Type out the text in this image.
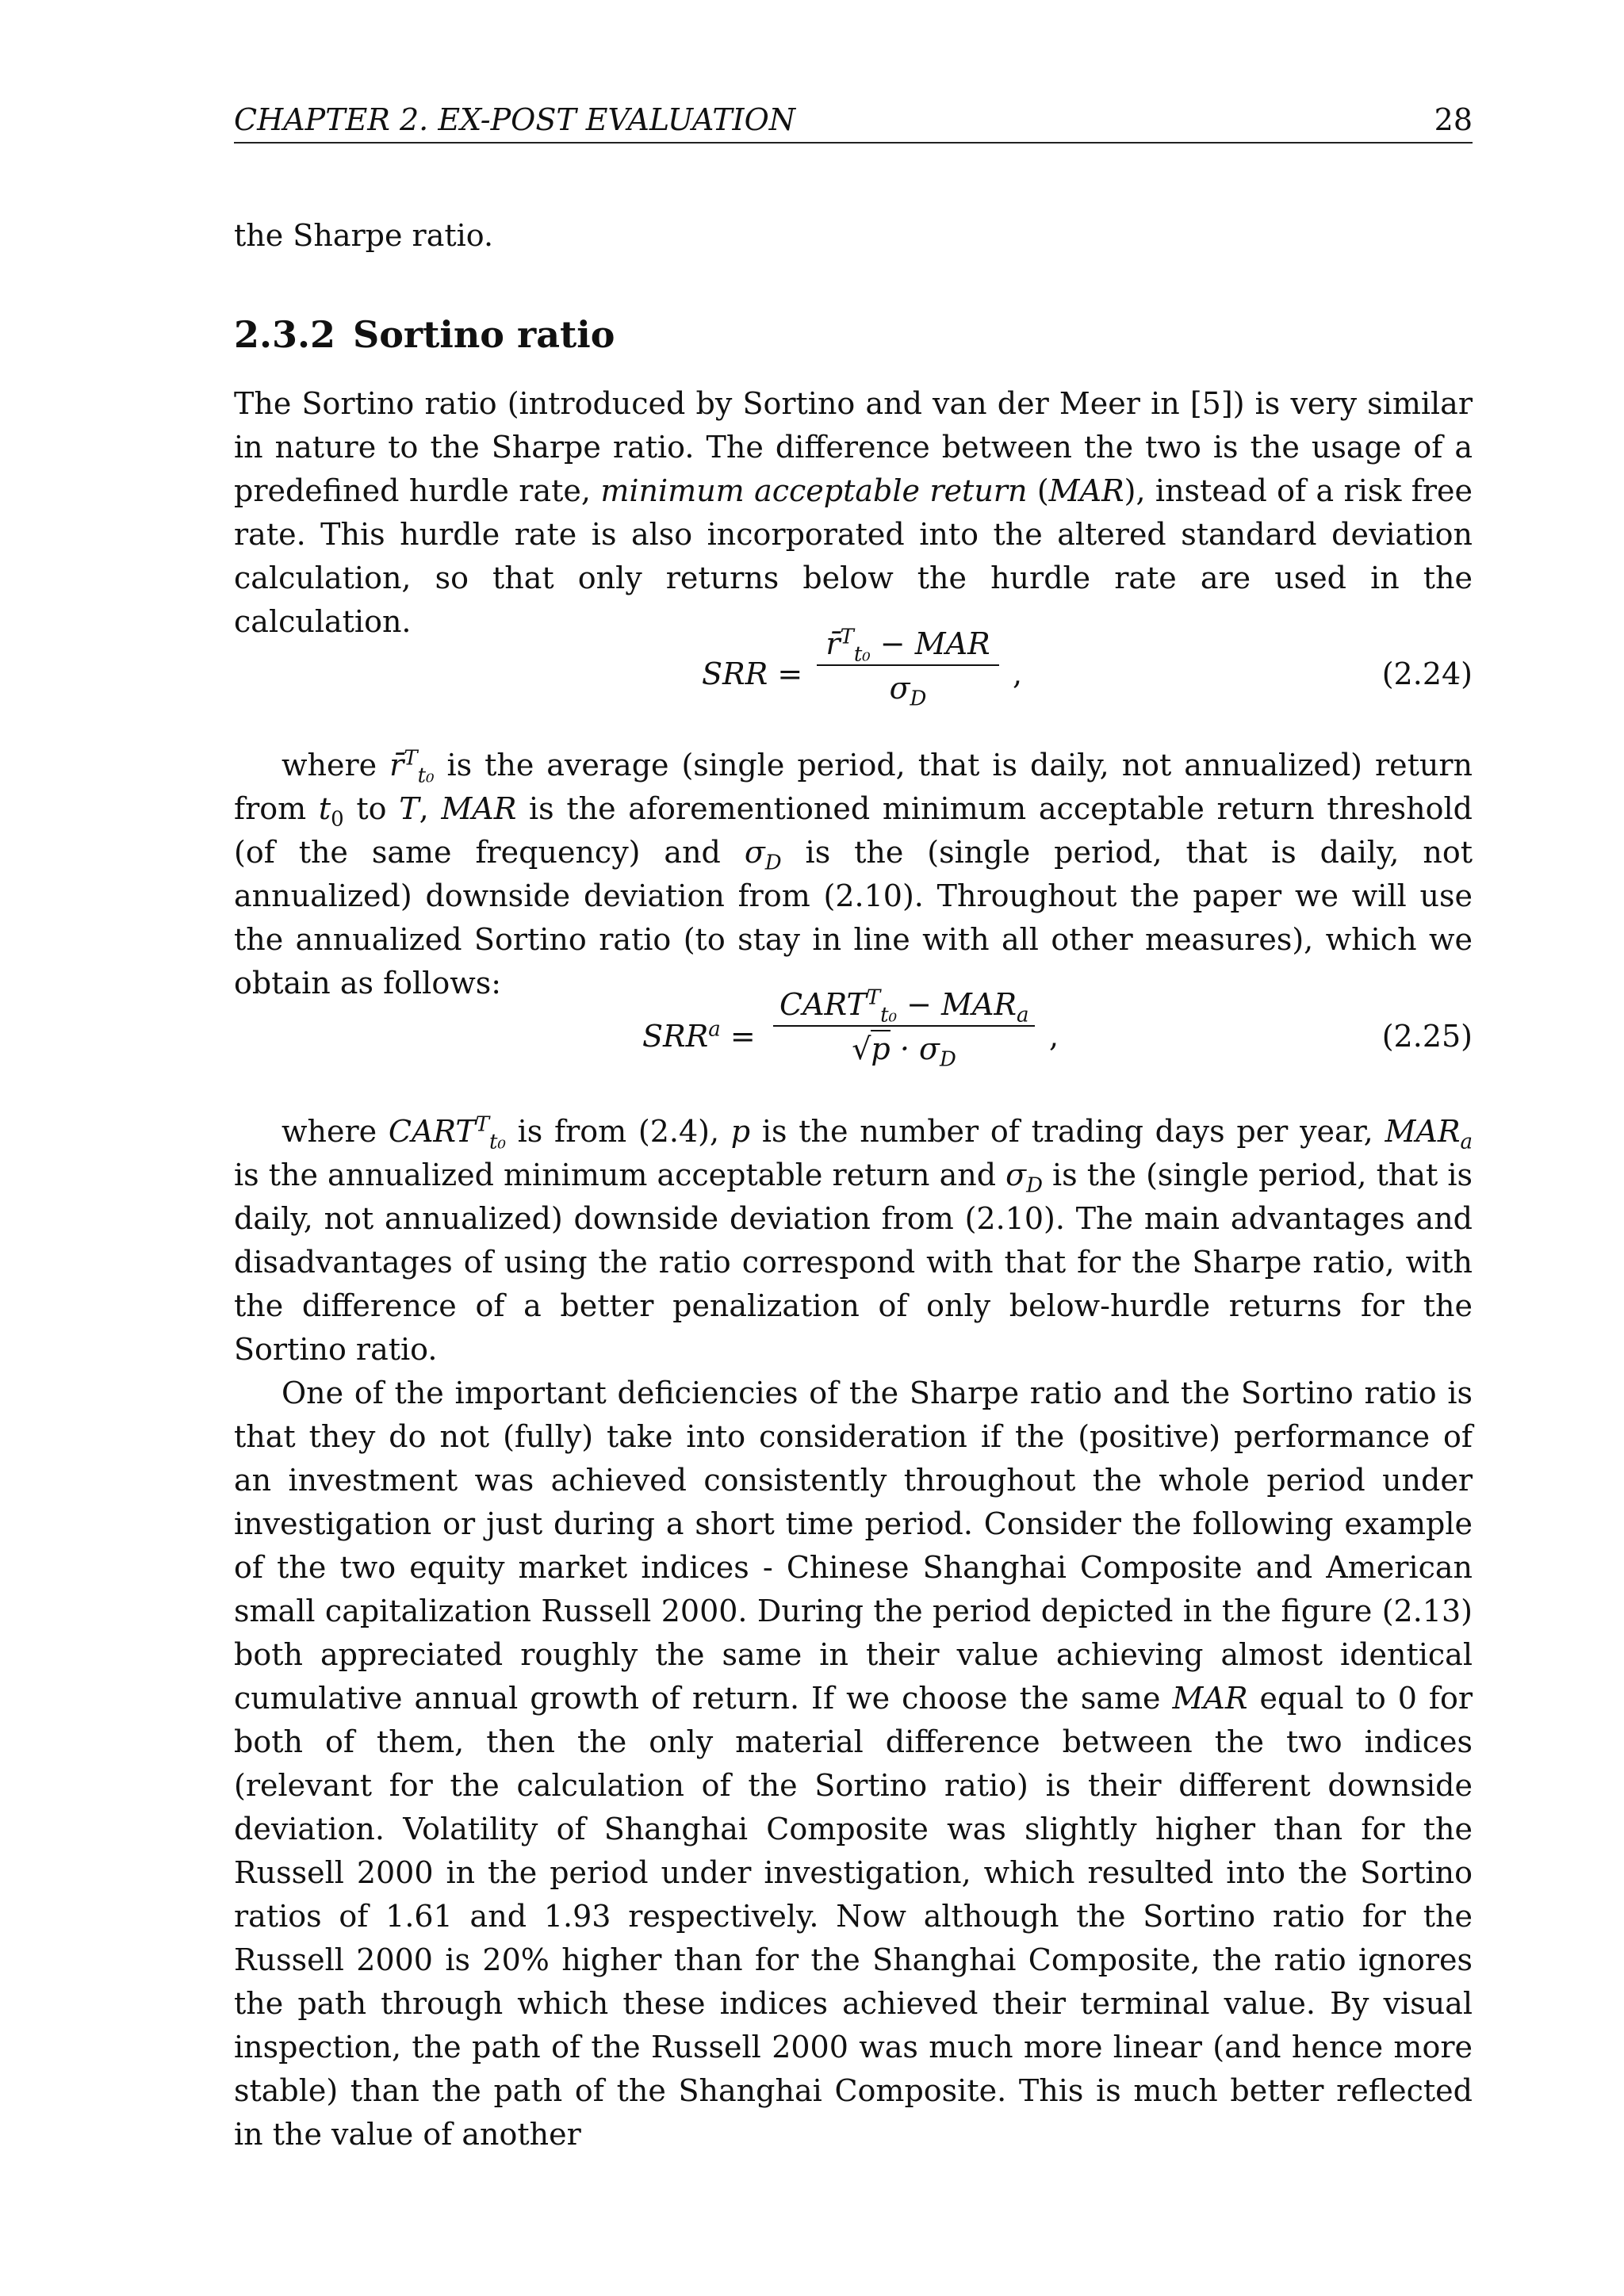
CHAPTER 2. EX-POST EVALUATION	28

the Sharpe ratio.

2.3.2 Sortino ratio

The Sortino ratio (introduced by Sortino and van der Meer in [5]) is very similar in nature to the Sharpe ratio. The difference between the two is the usage of a predefined hurdle rate, minimum acceptable return (MAR), instead of a risk free rate. This hurdle rate is also incorporated into the altered standard deviation calculation, so that only returns below the hurdle rate are used in the calculation.

SRR =
r̄$^T_{t_0}$ − MAR
$\sigma_D$
,	(2.24)

where r̄$^T_{t_0}$ is the average (single period, that is daily, not annualized) return from $t_0$ to T, MAR is the aforementioned minimum acceptable return threshold (of the same frequency) and $\sigma_D$ is the (single period, that is daily, not annualized) downside deviation from (2.10). Throughout the paper we will use the annualized Sortino ratio (to stay in line with all other measures), which we obtain as follows:

$SRR^a$ =
$CART^T_{t_0} - MAR_a$
$√p \cdot \sigma_D$
,	(2.25)

where $CART^T_{t_0}$ is from (2.4), p is the number of trading days per year, $MAR_a$ is the annualized minimum acceptable return and $\sigma_D$ is the (single period, that is daily, not annualized) downside deviation from (2.10). The main advantages and disadvantages of using the ratio correspond with that for the Sharpe ratio, with the difference of a better penalization of only below-hurdle returns for the Sortino ratio.

One of the important deficiencies of the Sharpe ratio and the Sortino ratio is that they do not (fully) take into consideration if the (positive) performance of an investment was achieved consistently throughout the whole period under investigation or just during a short time period. Consider the following example of the two equity market indices - Chinese Shanghai Composite and American small capitalization Russell 2000. During the period depicted in the figure (2.13) both appreciated roughly the same in their value achieving almost identical cumulative annual growth of return. If we choose the same MAR equal to 0 for both of them, then the only material difference between the two indices (relevant for the calculation of the Sortino ratio) is their different downside deviation. Volatility of Shanghai Composite was slightly higher than for the Russell 2000 in the period under investigation, which resulted into the Sortino ratios of 1.61 and 1.93 respectively. Now although the Sortino ratio for the Russell 2000 is 20% higher than for the Shanghai Composite, the ratio ignores the path through which these indices achieved their terminal value. By visual inspection, the path of the Russell 2000 was much more linear (and hence more stable) than the path of the Shanghai Composite. This is much better reflected in the value of another
